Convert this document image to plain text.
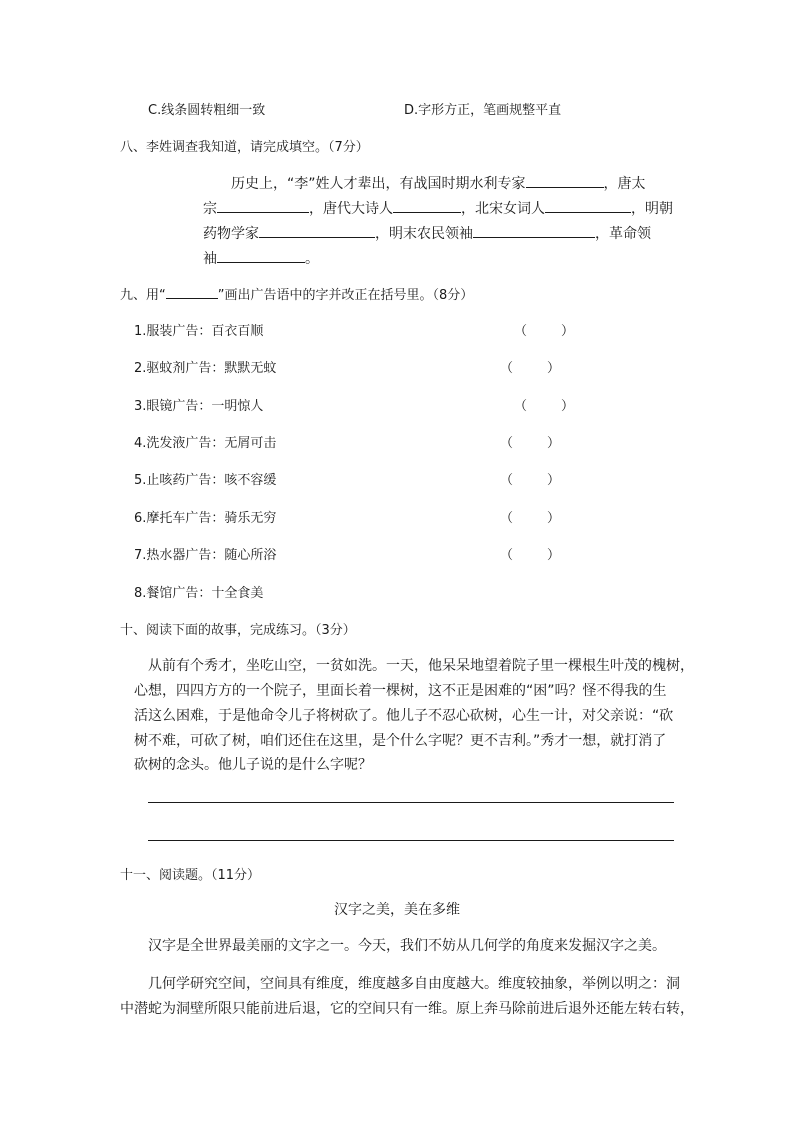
C.线条圆转粗细一致	D.字形方正，笔画规整平直
八、李姓调查我知道，请完成填空。（7分）
历史上，“李”姓人才辈出，有战国时期水利专家	，唐太
宗	，唐代大诗人	，北宋女词人	，明朝
药物学家	，明末农民领袖	，革命领
袖	。
九、用“	”画出广告语中的字并改正在括号里。（8分）
1.服装广告：百衣百顺	（	）
2.驱蚊剂广告：默默无蚊	（	）
3.眼镜广告：一明惊人	（	）
4.洗发液广告：无屑可击	（	）
5.止咳药广告：咳不容缓	（	）
6.摩托车广告：骑乐无穷	（	）
7.热水器广告：随心所浴	（	）
8.餐馆广告：十全食美
十、阅读下面的故事，完成练习。（3分）
从前有个秀才，坐吃山空，一贫如洗。一天，他呆呆地望着院子里一棵根生叶茂的槐树，
心想，四四方方的一个院子，里面长着一棵树，这不正是困难的“困”吗？怪不得我的生
活这么困难，于是他命令儿子将树砍了。他儿子不忍心砍树，心生一计，对父亲说：“砍
树不难，可砍了树，咱们还住在这里，是个什么字呢？更不吉利。”秀才一想，就打消了
砍树的念头。他儿子说的是什么字呢？
十一、阅读题。（11分）
汉字之美，美在多维
汉字是全世界最美丽的文字之一。今天，我们不妨从几何学的角度来发掘汉字之美。
几何学研究空间，空间具有维度，维度越多自由度越大。维度较抽象，举例以明之：洞
中潜蛇为洞壁所限只能前进后退，它的空间只有一维。原上奔马除前进后退外还能左转右转，
